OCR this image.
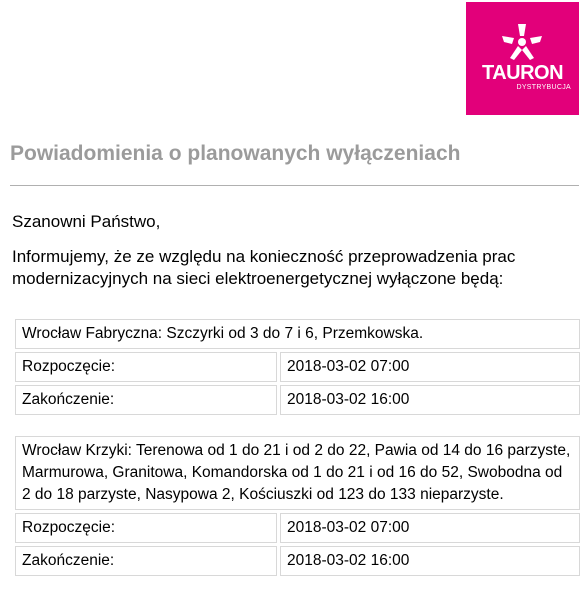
TAURON
DYSTRYBUCJA
Powiadomienia o planowanych wyłączeniach

Szanowni Państwo,

Informujemy, że ze względu na konieczność przeprowadzenia prac modernizacyjnych na sieci elektroenergetycznej wyłączone będą:

Wrocław Fabryczna: Szczyrki od 3 do 7 i 6, Przemkowska.	
Rozpoczęcie:	2018-03-02 07:00
Zakończenie:	2018-03-02 16:00
Wrocław Krzyki: Terenowa od 1 do 21 i od 2 do 22, Pawia od 14 do 16 parzyste, Marmurowa, Granitowa, Komandorska od 1 do 21 i od 16 do 52, Swobodna od 2 do 18 parzyste, Nasypowa 2, Kościuszki od 123 do 133 nieparzyste.	
Rozpoczęcie:	2018-03-02 07:00
Zakończenie:	2018-03-02 16:00
